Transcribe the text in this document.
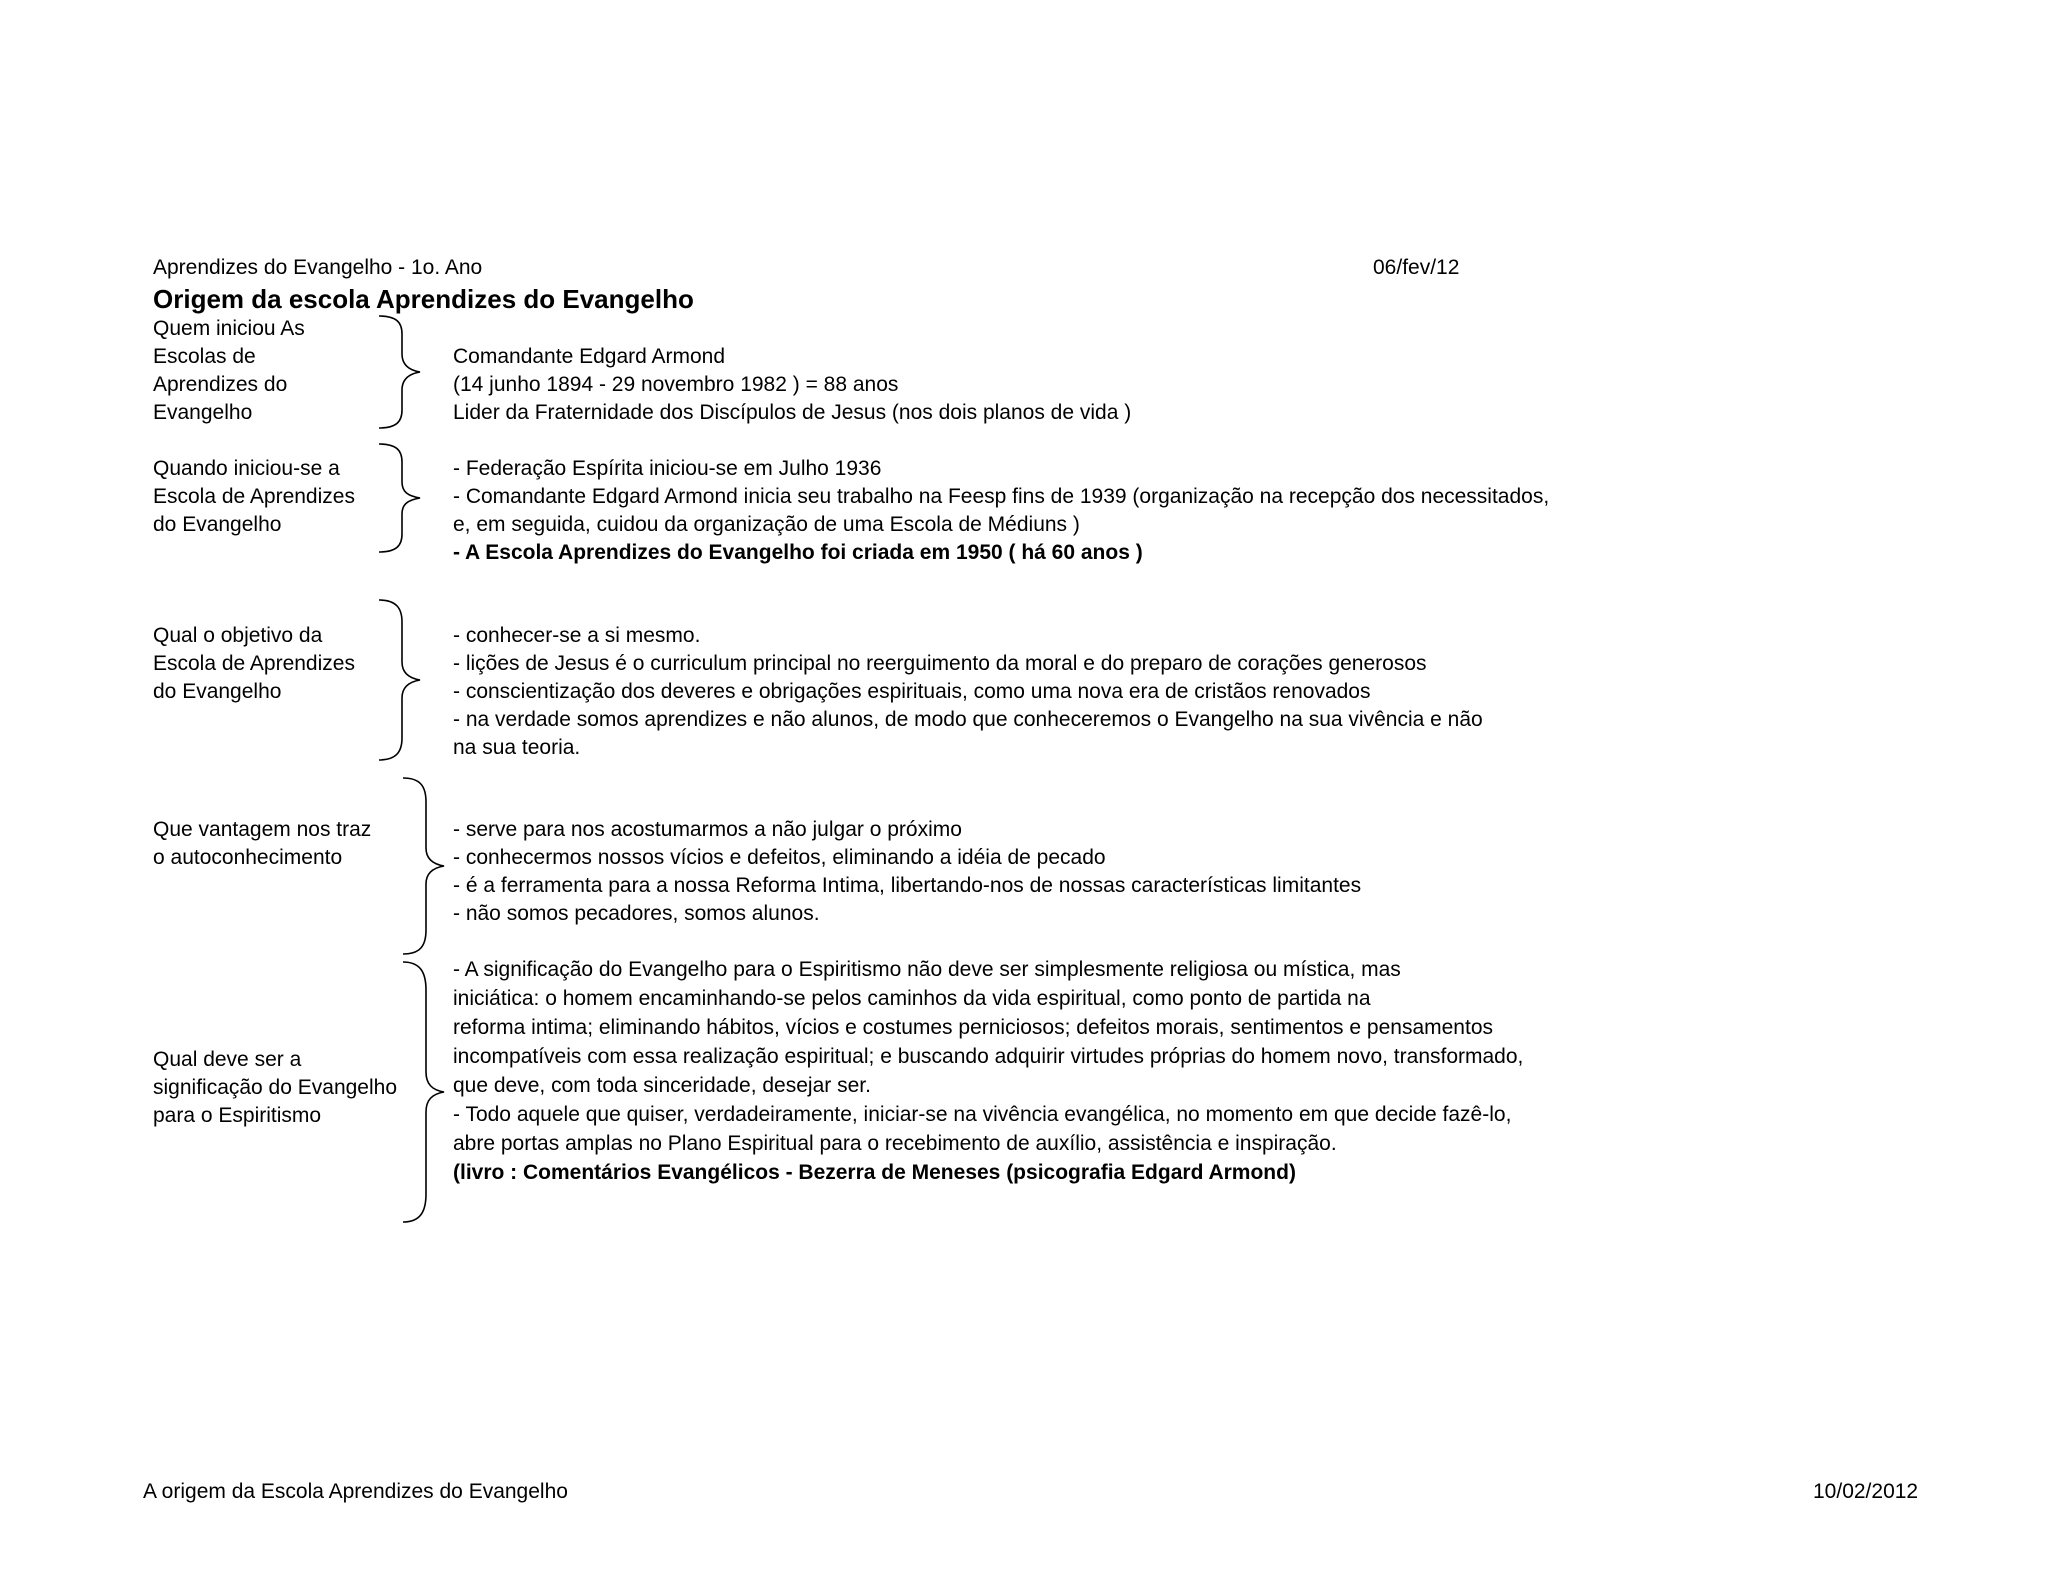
Aprendizes do Evangelho - 1o. Ano	06/fev/12
Origem da escola Aprendizes do Evangelho
Quem iniciou As
Escolas de
Aprendizes do
Evangelho

Comandante Edgard Armond
(14 junho 1894 - 29 novembro 1982 ) = 88 anos
Lider da Fraternidade dos Discípulos de Jesus (nos dois planos de vida )
Quando iniciou-se a
Escola de Aprendizes
do Evangelho
- Federação Espírita iniciou-se em Julho 1936
- Comandante Edgard Armond inicia seu trabalho na Feesp fins de 1939 (organização na recepção dos necessitados,
e, em seguida, cuidou da organização de uma Escola de Médiuns )
- A Escola Aprendizes do Evangelho foi criada em 1950 ( há 60 anos )
Qual o objetivo da
Escola de Aprendizes
do Evangelho
- conhecer-se a si mesmo.
- lições de Jesus é o curriculum principal no reerguimento da moral e do preparo de corações generosos
- conscientização dos deveres e obrigações espirituais, como uma nova era de cristãos renovados
- na verdade somos aprendizes e não alunos, de modo que conheceremos o Evangelho na sua vivência e não
na sua teoria.
Que vantagem nos traz
o autoconhecimento
- serve para nos acostumarmos a não julgar o próximo
- conhecermos nossos vícios e defeitos, eliminando a idéia de pecado
- é a ferramenta para a nossa Reforma Intima, libertando-nos de nossas características limitantes
- não somos pecadores, somos alunos.
Qual deve ser a
significação do Evangelho
para o Espiritismo
- A significação do Evangelho para o Espiritismo não deve ser simplesmente religiosa ou mística, mas
iniciática: o homem encaminhando-se pelos caminhos da vida espiritual, como ponto de partida na
reforma intima; eliminando hábitos, vícios e costumes perniciosos; defeitos morais, sentimentos e pensamentos
incompatíveis com essa realização espiritual; e buscando adquirir virtudes próprias do homem novo, transformado,
que deve, com toda sinceridade, desejar ser.
- Todo aquele que quiser, verdadeiramente, iniciar-se na vivência evangélica, no momento em que decide fazê-lo,
abre portas amplas no Plano Espiritual para o recebimento de auxílio, assistência e inspiração.
(livro : Comentários Evangélicos - Bezerra de Meneses (psicografia Edgard Armond)
A origem da Escola Aprendizes do Evangelho	10/02/2012
